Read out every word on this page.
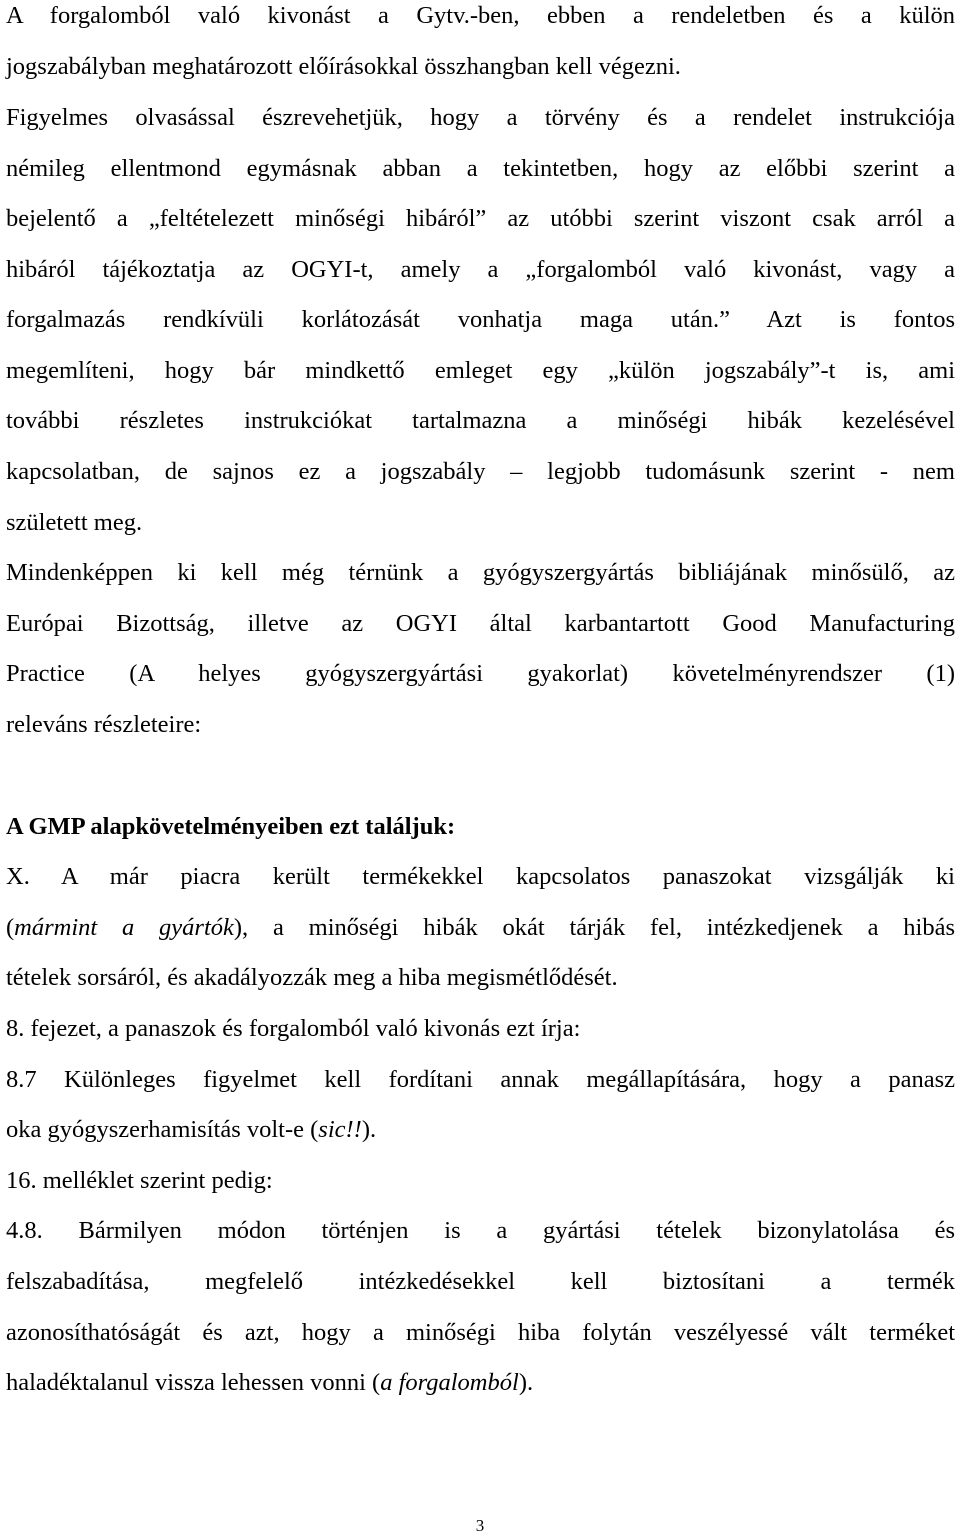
A forgalomból való kivonást a Gytv.-ben, ebben a rendeletben és a külön
jogszabályban meghatározott előírásokkal összhangban kell végezni.
Figyelmes olvasással észrevehetjük, hogy a törvény és a rendelet instrukciója
némileg ellentmond egymásnak abban a tekintetben, hogy az előbbi szerint a
bejelentő a „feltételezett minőségi hibáról” az utóbbi szerint viszont csak arról a
hibáról tájékoztatja az OGYI-t, amely a „forgalomból való kivonást, vagy a
forgalmazás rendkívüli korlátozását vonhatja maga után.” Azt is fontos
megemlíteni, hogy bár mindkettő emleget egy „külön jogszabály”-t is, ami
további részletes instrukciókat tartalmazna a minőségi hibák kezelésével
kapcsolatban, de sajnos ez a jogszabály – legjobb tudomásunk szerint - nem
született meg.
Mindenképpen ki kell még térnünk a gyógyszergyártás bibliájának minősülő, az
Európai Bizottság, illetve az OGYI által karbantartott Good Manufacturing
Practice (A helyes gyógyszergyártási gyakorlat) követelményrendszer (1)
releváns részleteire:
A GMP alapkövetelményeiben ezt találjuk:
X. A már piacra került termékekkel kapcsolatos panaszokat vizsgálják ki
(mármint a gyártók), a minőségi hibák okát tárják fel, intézkedjenek a hibás
tételek sorsáról, és akadályozzák meg a hiba megismétlődését.
8. fejezet, a panaszok és forgalomból való kivonás ezt írja:
8.7 Különleges figyelmet kell fordítani annak megállapítására, hogy a panasz
oka gyógyszerhamisítás volt-e (sic!!).
16. melléklet szerint pedig:
4.8. Bármilyen módon történjen is a gyártási tételek bizonylatolása és
felszabadítása, megfelelő intézkedésekkel kell biztosítani a termék
azonosíthatóságát és azt, hogy a minőségi hiba folytán veszélyessé vált terméket
haladéktalanul vissza lehessen vonni (a forgalomból).
3
